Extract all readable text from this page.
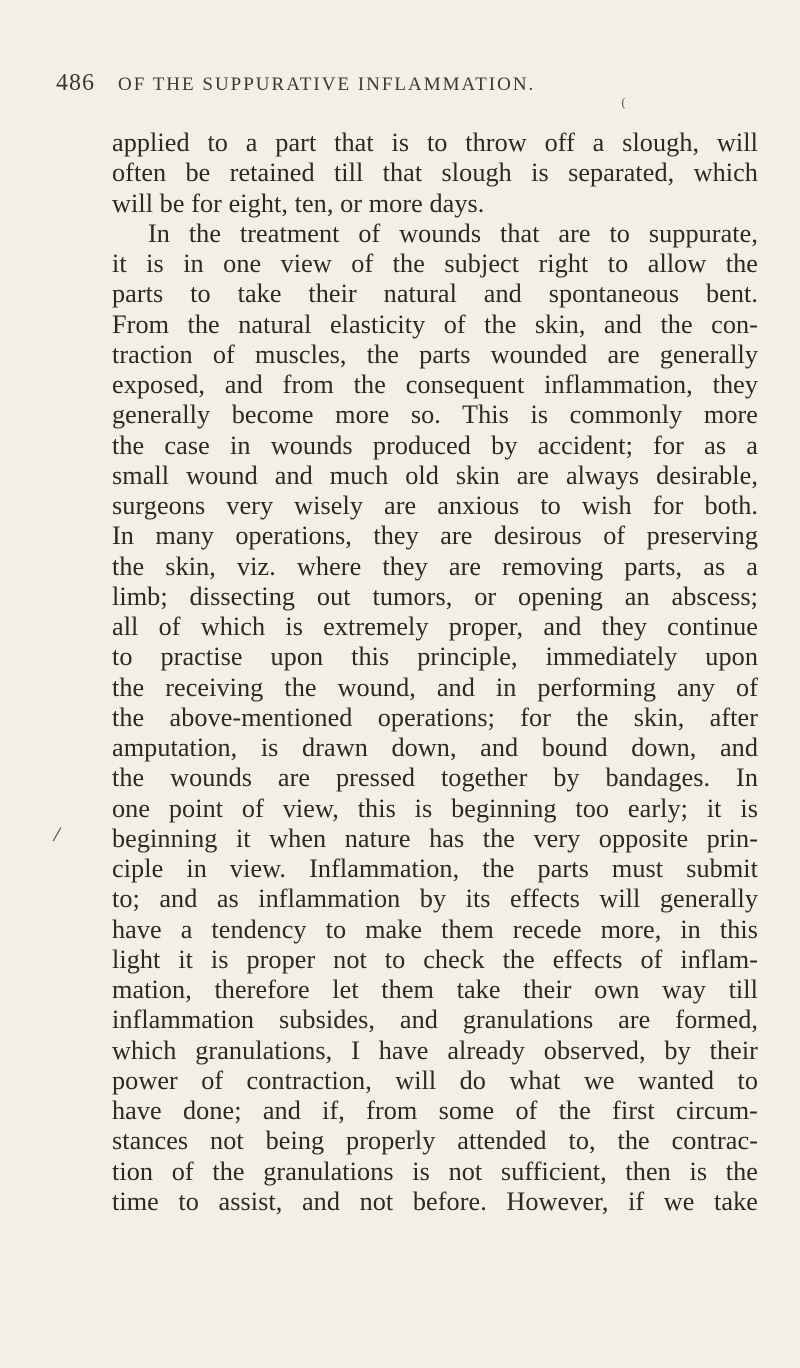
486	OF THE SUPPURATIVE INFLAMMATION.
(
/
applied to a part that is to throw off a slough, will
often be retained till that slough is separated, which
will be for eight, ten, or more days.
In the treatment of wounds that are to suppurate,
it is in one view of the subject right to allow the
parts to take their natural and spontaneous bent.
From the natural elasticity of the skin, and the con-
traction of muscles, the parts wounded are generally
exposed, and from the consequent inflammation, they
generally become more so. This is commonly more
the case in wounds produced by accident; for as a
small wound and much old skin are always desirable,
surgeons very wisely are anxious to wish for both.
In many operations, they are desirous of preserving
the skin, viz. where they are removing parts, as a
limb; dissecting out tumors, or opening an abscess;
all of which is extremely proper, and they continue
to practise upon this principle, immediately upon
the receiving the wound, and in performing any of
the above-mentioned operations; for the skin, after
amputation, is drawn down, and bound down, and
the wounds are pressed together by bandages. In
one point of view, this is beginning too early; it is
beginning it when nature has the very opposite prin-
ciple in view. Inflammation, the parts must submit
to; and as inflammation by its effects will generally
have a tendency to make them recede more, in this
light it is proper not to check the effects of inflam-
mation, therefore let them take their own way till
inflammation subsides, and granulations are formed,
which granulations, I have already observed, by their
power of contraction, will do what we wanted to
have done; and if, from some of the first circum-
stances not being properly attended to, the contrac-
tion of the granulations is not sufficient, then is the
time to assist, and not before. However, if we take
